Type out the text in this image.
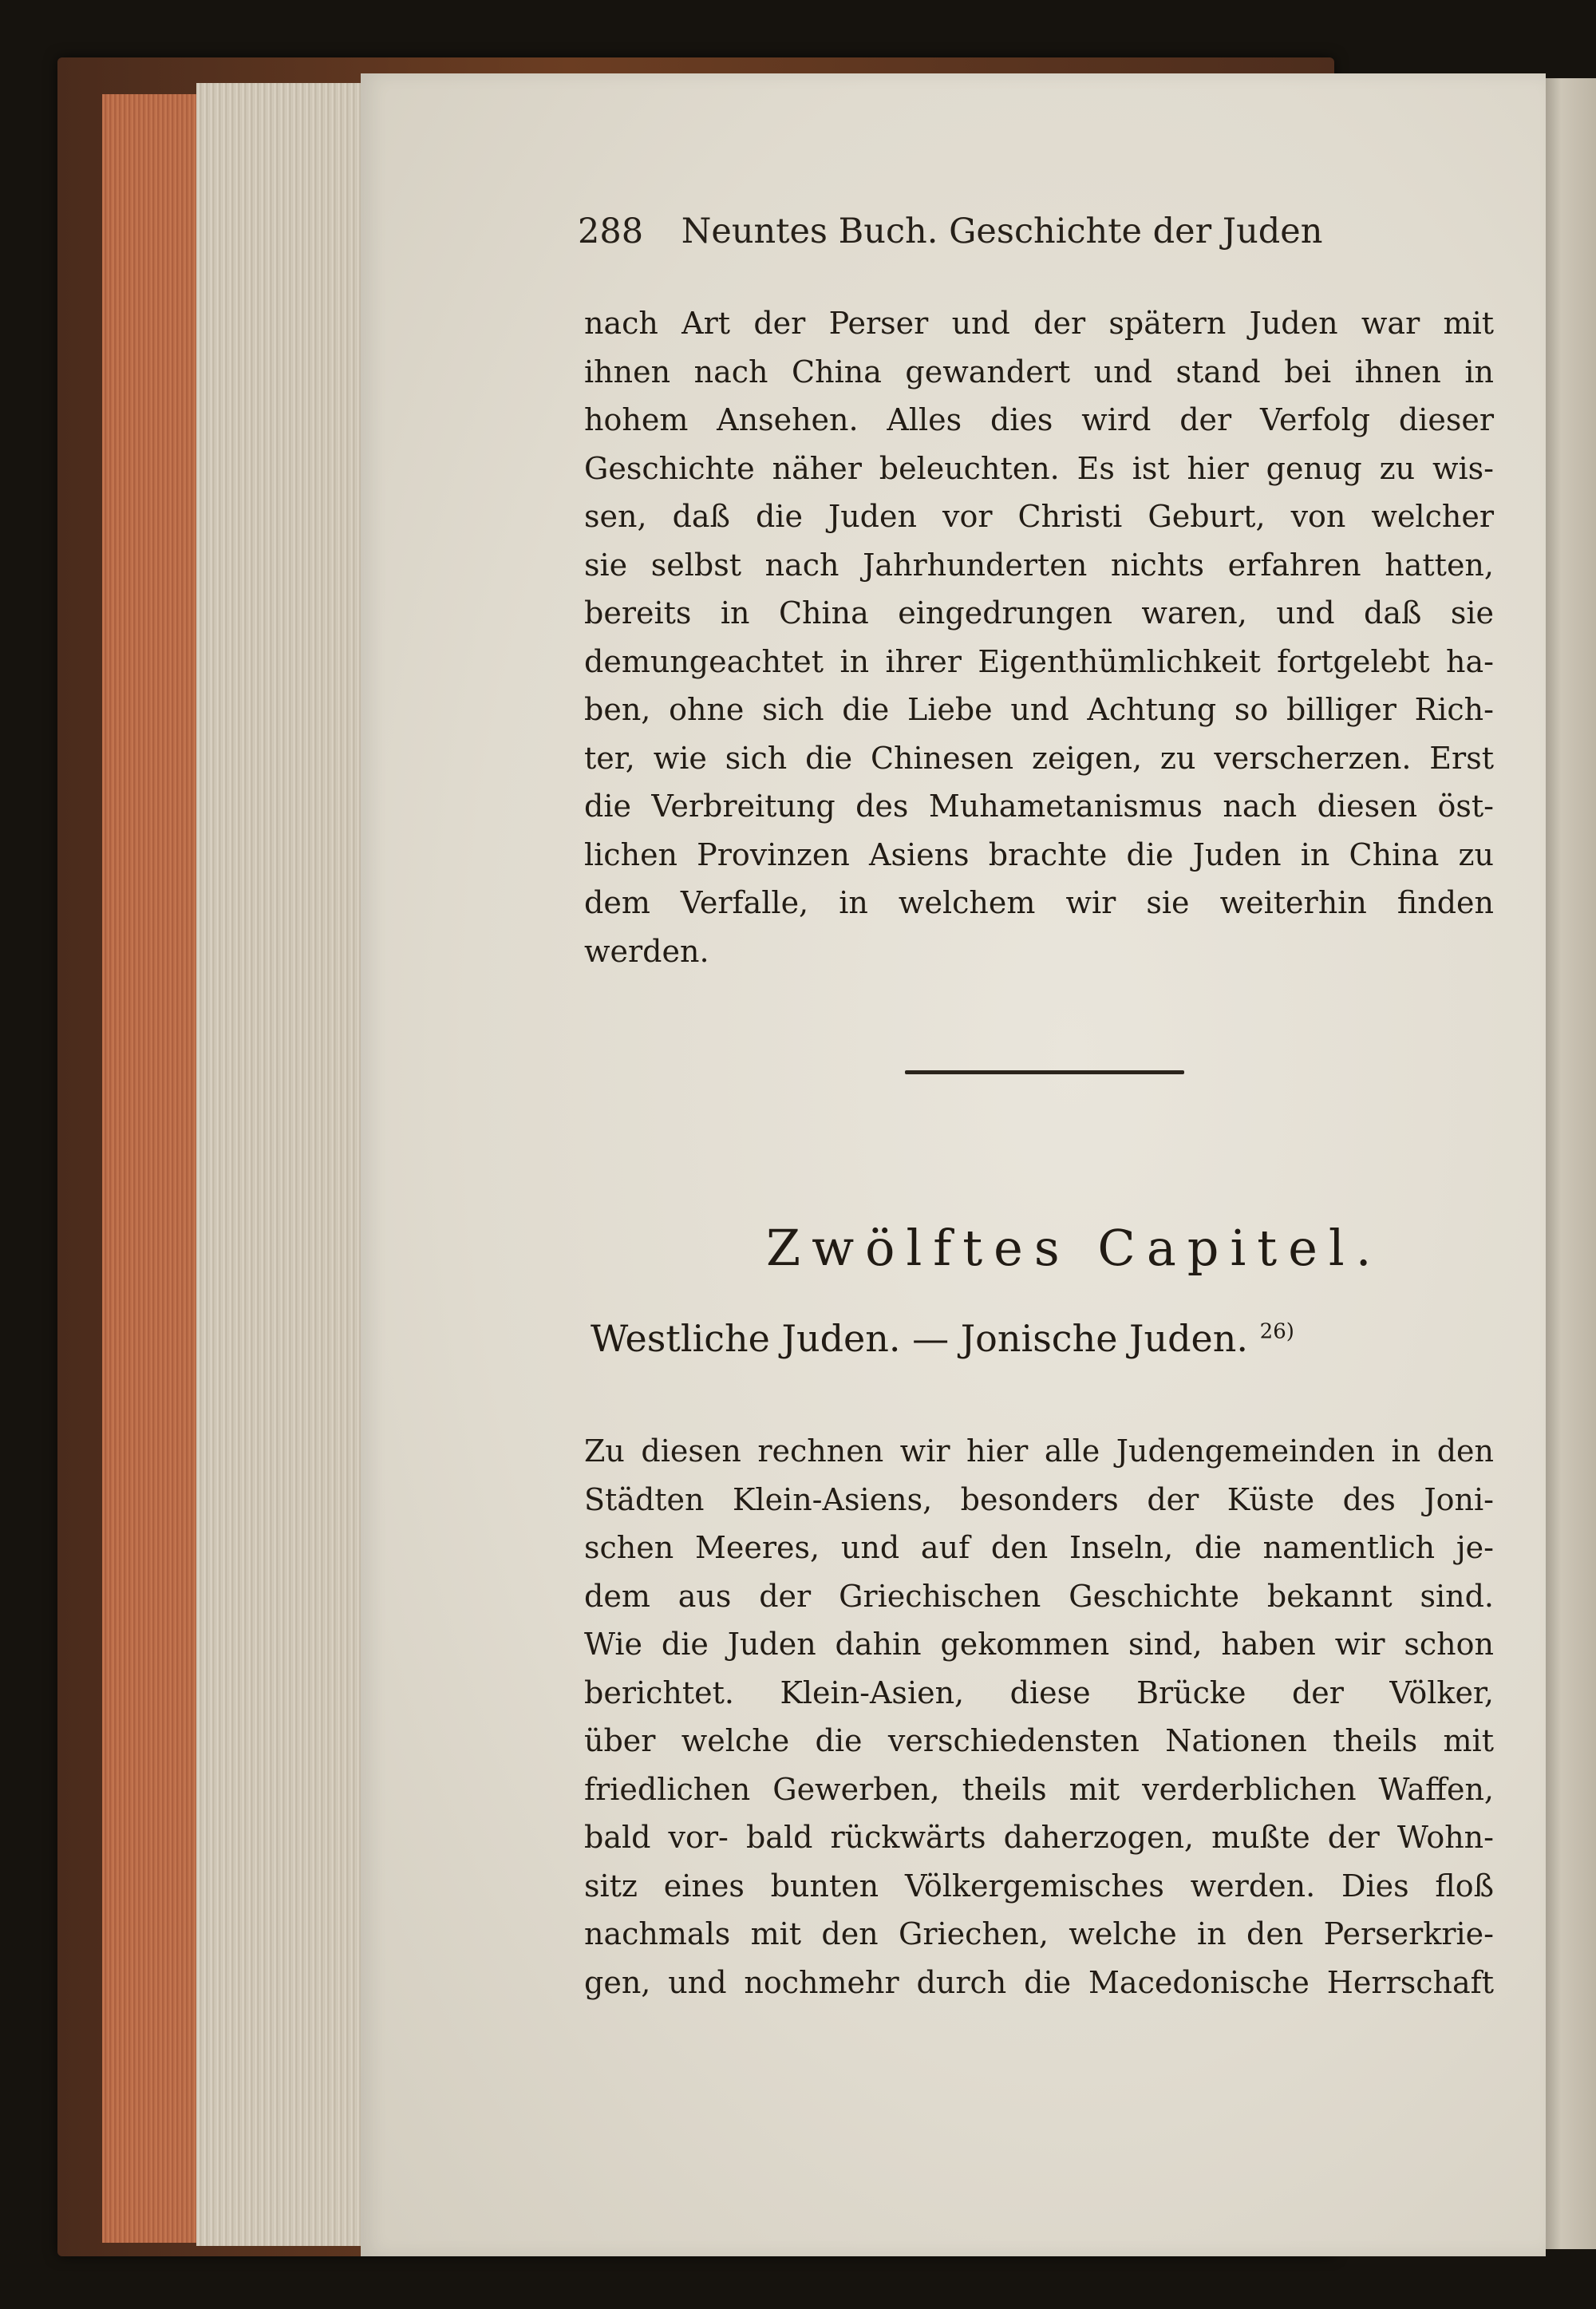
288 Neuntes Buch. Geschichte der Juden

nach Art der Perser und der spätern Juden war mit
ihnen nach China gewandert und stand bei ihnen in
hohem Ansehen. Alles dies wird der Verfolg dieser
Geschichte näher beleuchten. Es ist hier genug zu wis-
sen, daß die Juden vor Christi Geburt, von welcher
sie selbst nach Jahrhunderten nichts erfahren hatten,
bereits in China eingedrungen waren, und daß sie
demungeachtet in ihrer Eigenthümlichkeit fortgelebt ha-
ben, ohne sich die Liebe und Achtung so billiger Rich-
ter, wie sich die Chinesen zeigen, zu verscherzen. Erst
die Verbreitung des Muhametanismus nach diesen öst-
lichen Provinzen Asiens brachte die Juden in China zu
dem Verfalle, in welchem wir sie weiterhin finden
werden.

Zwölftes Capitel.
Westliche Juden. — Jonische Juden. $^{26)}$

Zu diesen rechnen wir hier alle Judengemeinden in den
Städten Klein-Asiens, besonders der Küste des Joni-
schen Meeres, und auf den Inseln, die namentlich je-
dem aus der Griechischen Geschichte bekannt sind.
Wie die Juden dahin gekommen sind, haben wir schon
berichtet. Klein-Asien, diese Brücke der Völker,
über welche die verschiedensten Nationen theils mit
friedlichen Gewerben, theils mit verderblichen Waffen,
bald vor- bald rückwärts daherzogen, mußte der Wohn-
sitz eines bunten Völkergemisches werden. Dies floß
nachmals mit den Griechen, welche in den Perserkrie-
gen, und nochmehr durch die Macedonische Herrschaft
